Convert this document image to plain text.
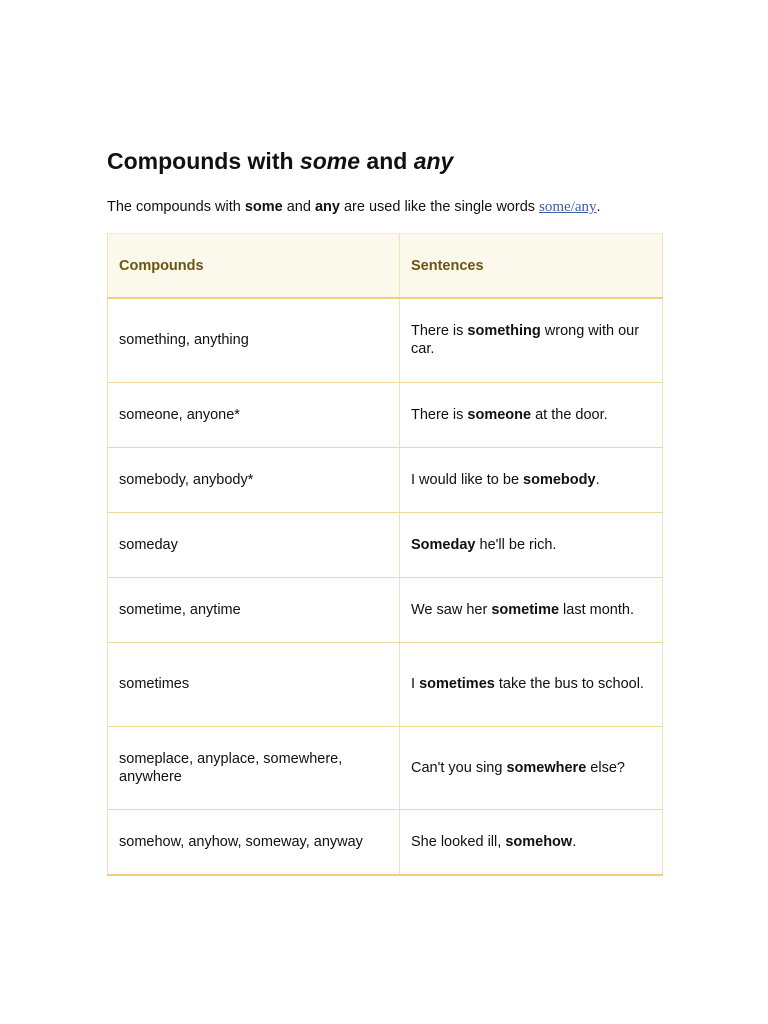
Compounds with some and any

The compounds with some and any are used like the single words some/any.

Compounds	Sentences
something, anything	There is something wrong with our car.
someone, anyone*	There is someone at the door.
somebody, anybody*	I would like to be somebody.
someday	Someday he'll be rich.
sometime, anytime	We saw her sometime last month.
sometimes	I sometimes take the bus to school.
someplace, anyplace, somewhere, anywhere	Can't you sing somewhere else?
somehow, anyhow, someway, anyway	She looked ill, somehow.
